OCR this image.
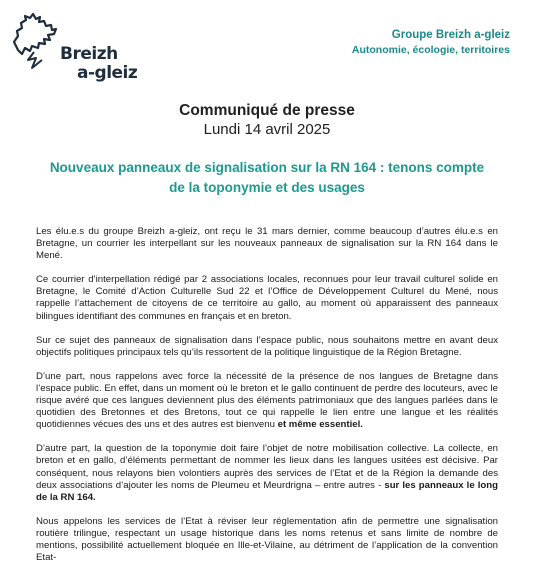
Breizh
a-gleiz
Groupe Breizh a-gleiz
Autonomie, écologie, territoires
Communiqué de presse
Lundi 14 avril 2025
Nouveaux panneaux de signalisation sur la RN 164 : tenons compte
de la toponymie et des usages

Les élu.e.s du groupe Breizh a-gleiz, ont reçu le 31 mars dernier, comme beaucoup d’autres élu.e.s en Bretagne, un courrier les interpellant sur les nouveaux panneaux de signalisation sur la RN 164 dans le Mené.

Ce courrier d’interpellation rédigé par 2 associations locales, reconnues pour leur travail culturel solide en Bretagne, le Comité d’Action Culturelle Sud 22 et l’Office de Développement Culturel du Mené, nous rappelle l’attachement de citoyens de ce territoire au gallo, au moment où apparaissent des panneaux bilingues identifiant des communes en français et en breton.

Sur ce sujet des panneaux de signalisation dans l’espace public, nous souhaitons mettre en avant deux objectifs politiques principaux tels qu’ils ressortent de la politique linguistique de la Région Bretagne.

D’une part, nous rappelons avec force la nécessité de la présence de nos langues de Bretagne dans l’espace public. En effet, dans un moment où le breton et le gallo continuent de perdre des locuteurs, avec le risque avéré que ces langues deviennent plus des éléments patrimoniaux que des langues parlées dans le quotidien des Bretonnes et des Bretons, tout ce qui rappelle le lien entre une langue et les réalités quotidiennes vécues des uns et des autres est bienvenu et même essentiel.

D’autre part, la question de la toponymie doit faire l’objet de notre mobilisation collective. La collecte, en breton et en gallo, d’éléments permettant de nommer les lieux dans les langues usitées est décisive. Par conséquent, nous relayons bien volontiers auprès des services de l’Etat et de la Région la demande des deux associations d’ajouter les noms de Pleumeu et Meurdrigna – entre autres - sur les panneaux le long de la RN 164.

Nous appelons les services de l’Etat à réviser leur réglementation afin de permettre une signalisation routière trilingue, respectant un usage historique dans les noms retenus et sans limite de nombre de mentions, possibilité actuellement bloquée en Ille-et-Vilaine, au détriment de l’application de la convention Etat-
